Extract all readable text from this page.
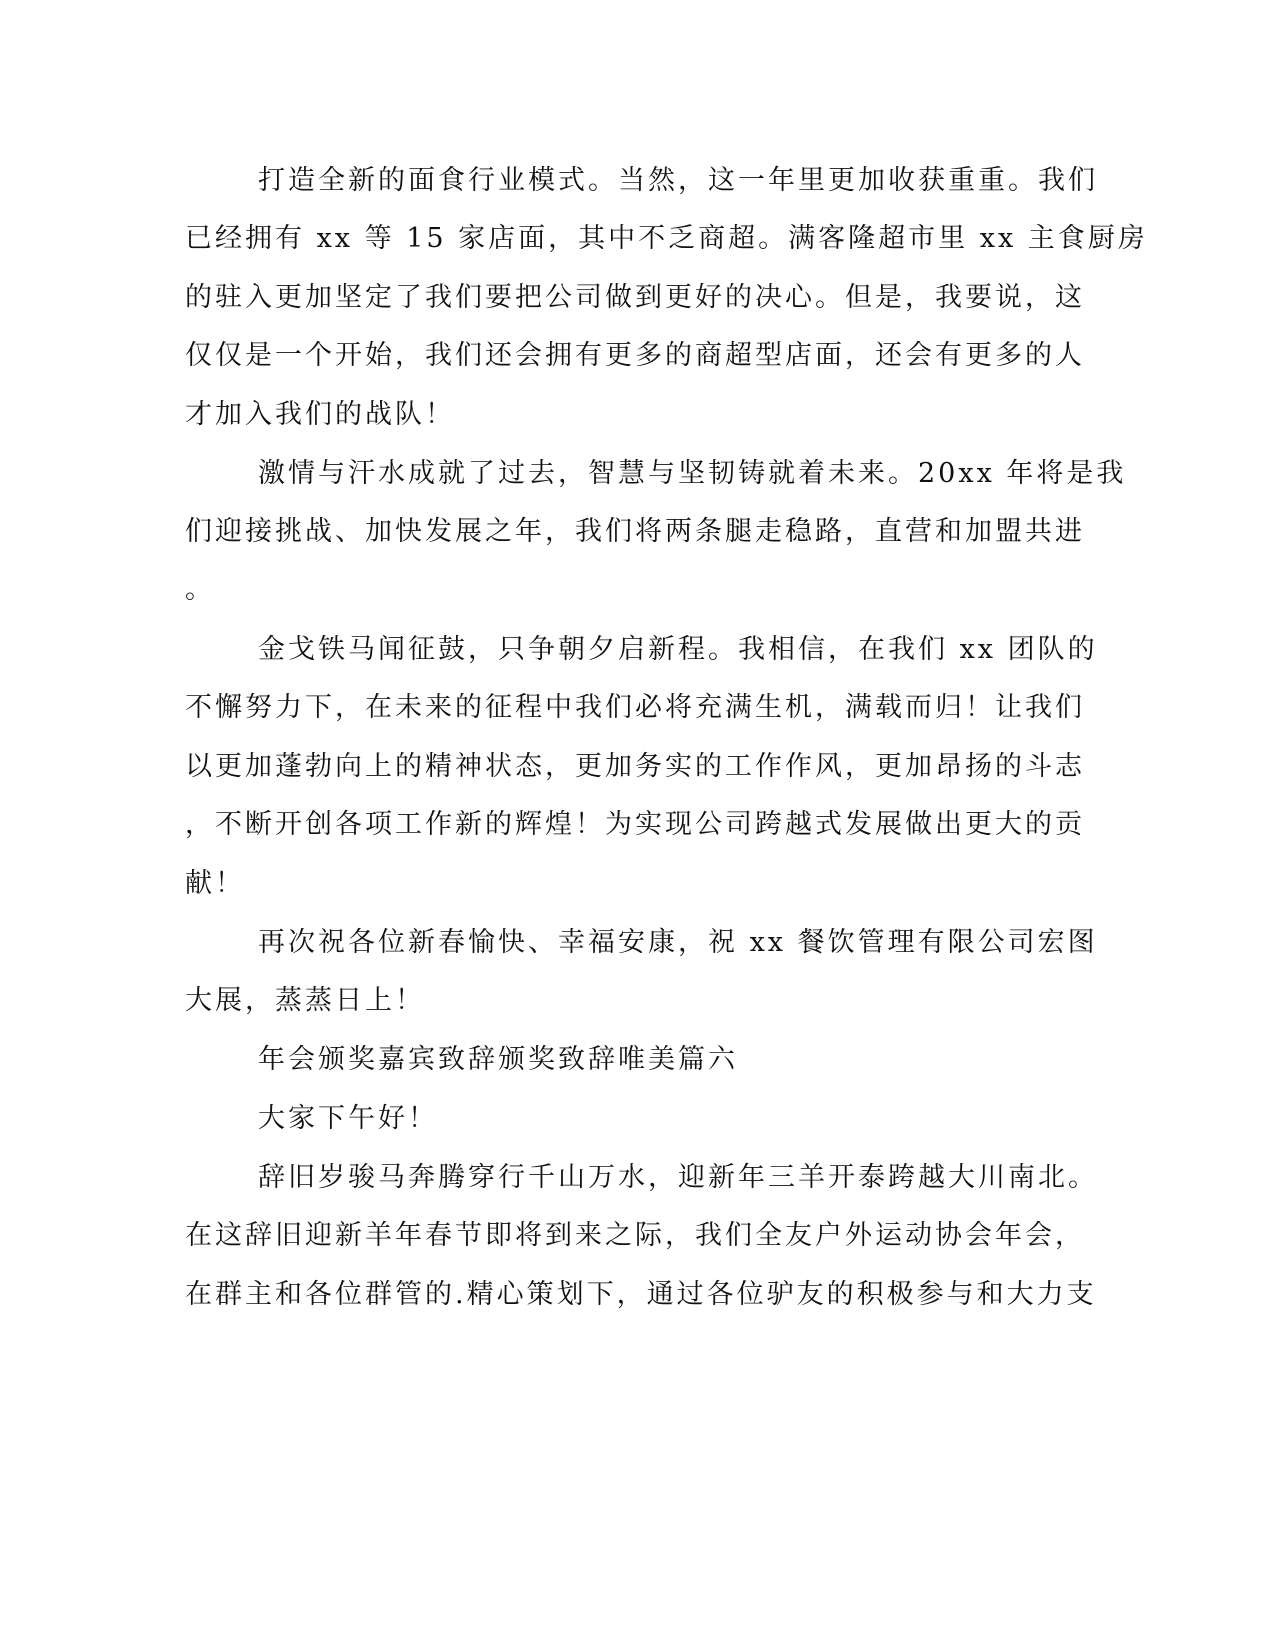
打造全新的面食行业模式。当然，这一年里更加收获重重。我们

已经拥有 xx 等 15 家店面，其中不乏商超。满客隆超市里 xx 主食厨房

的驻入更加坚定了我们要把公司做到更好的决心。但是，我要说，这

仅仅是一个开始，我们还会拥有更多的商超型店面，还会有更多的人

才加入我们的战队！

激情与汗水成就了过去，智慧与坚韧铸就着未来。20xx 年将是我

们迎接挑战、加快发展之年，我们将两条腿走稳路，直营和加盟共进

。

金戈铁马闻征鼓，只争朝夕启新程。我相信，在我们 xx 团队的

不懈努力下，在未来的征程中我们必将充满生机，满载而归！让我们

以更加蓬勃向上的精神状态，更加务实的工作作风，更加昂扬的斗志

，不断开创各项工作新的辉煌！为实现公司跨越式发展做出更大的贡

献！

再次祝各位新春愉快、幸福安康，祝 xx 餐饮管理有限公司宏图

大展，蒸蒸日上！

年会颁奖嘉宾致辞颁奖致辞唯美篇六

大家下午好！

辞旧岁骏马奔腾穿行千山万水，迎新年三羊开泰跨越大川南北。

在这辞旧迎新羊年春节即将到来之际，我们全友户外运动协会年会，

在群主和各位群管的.精心策划下，通过各位驴友的积极参与和大力支
